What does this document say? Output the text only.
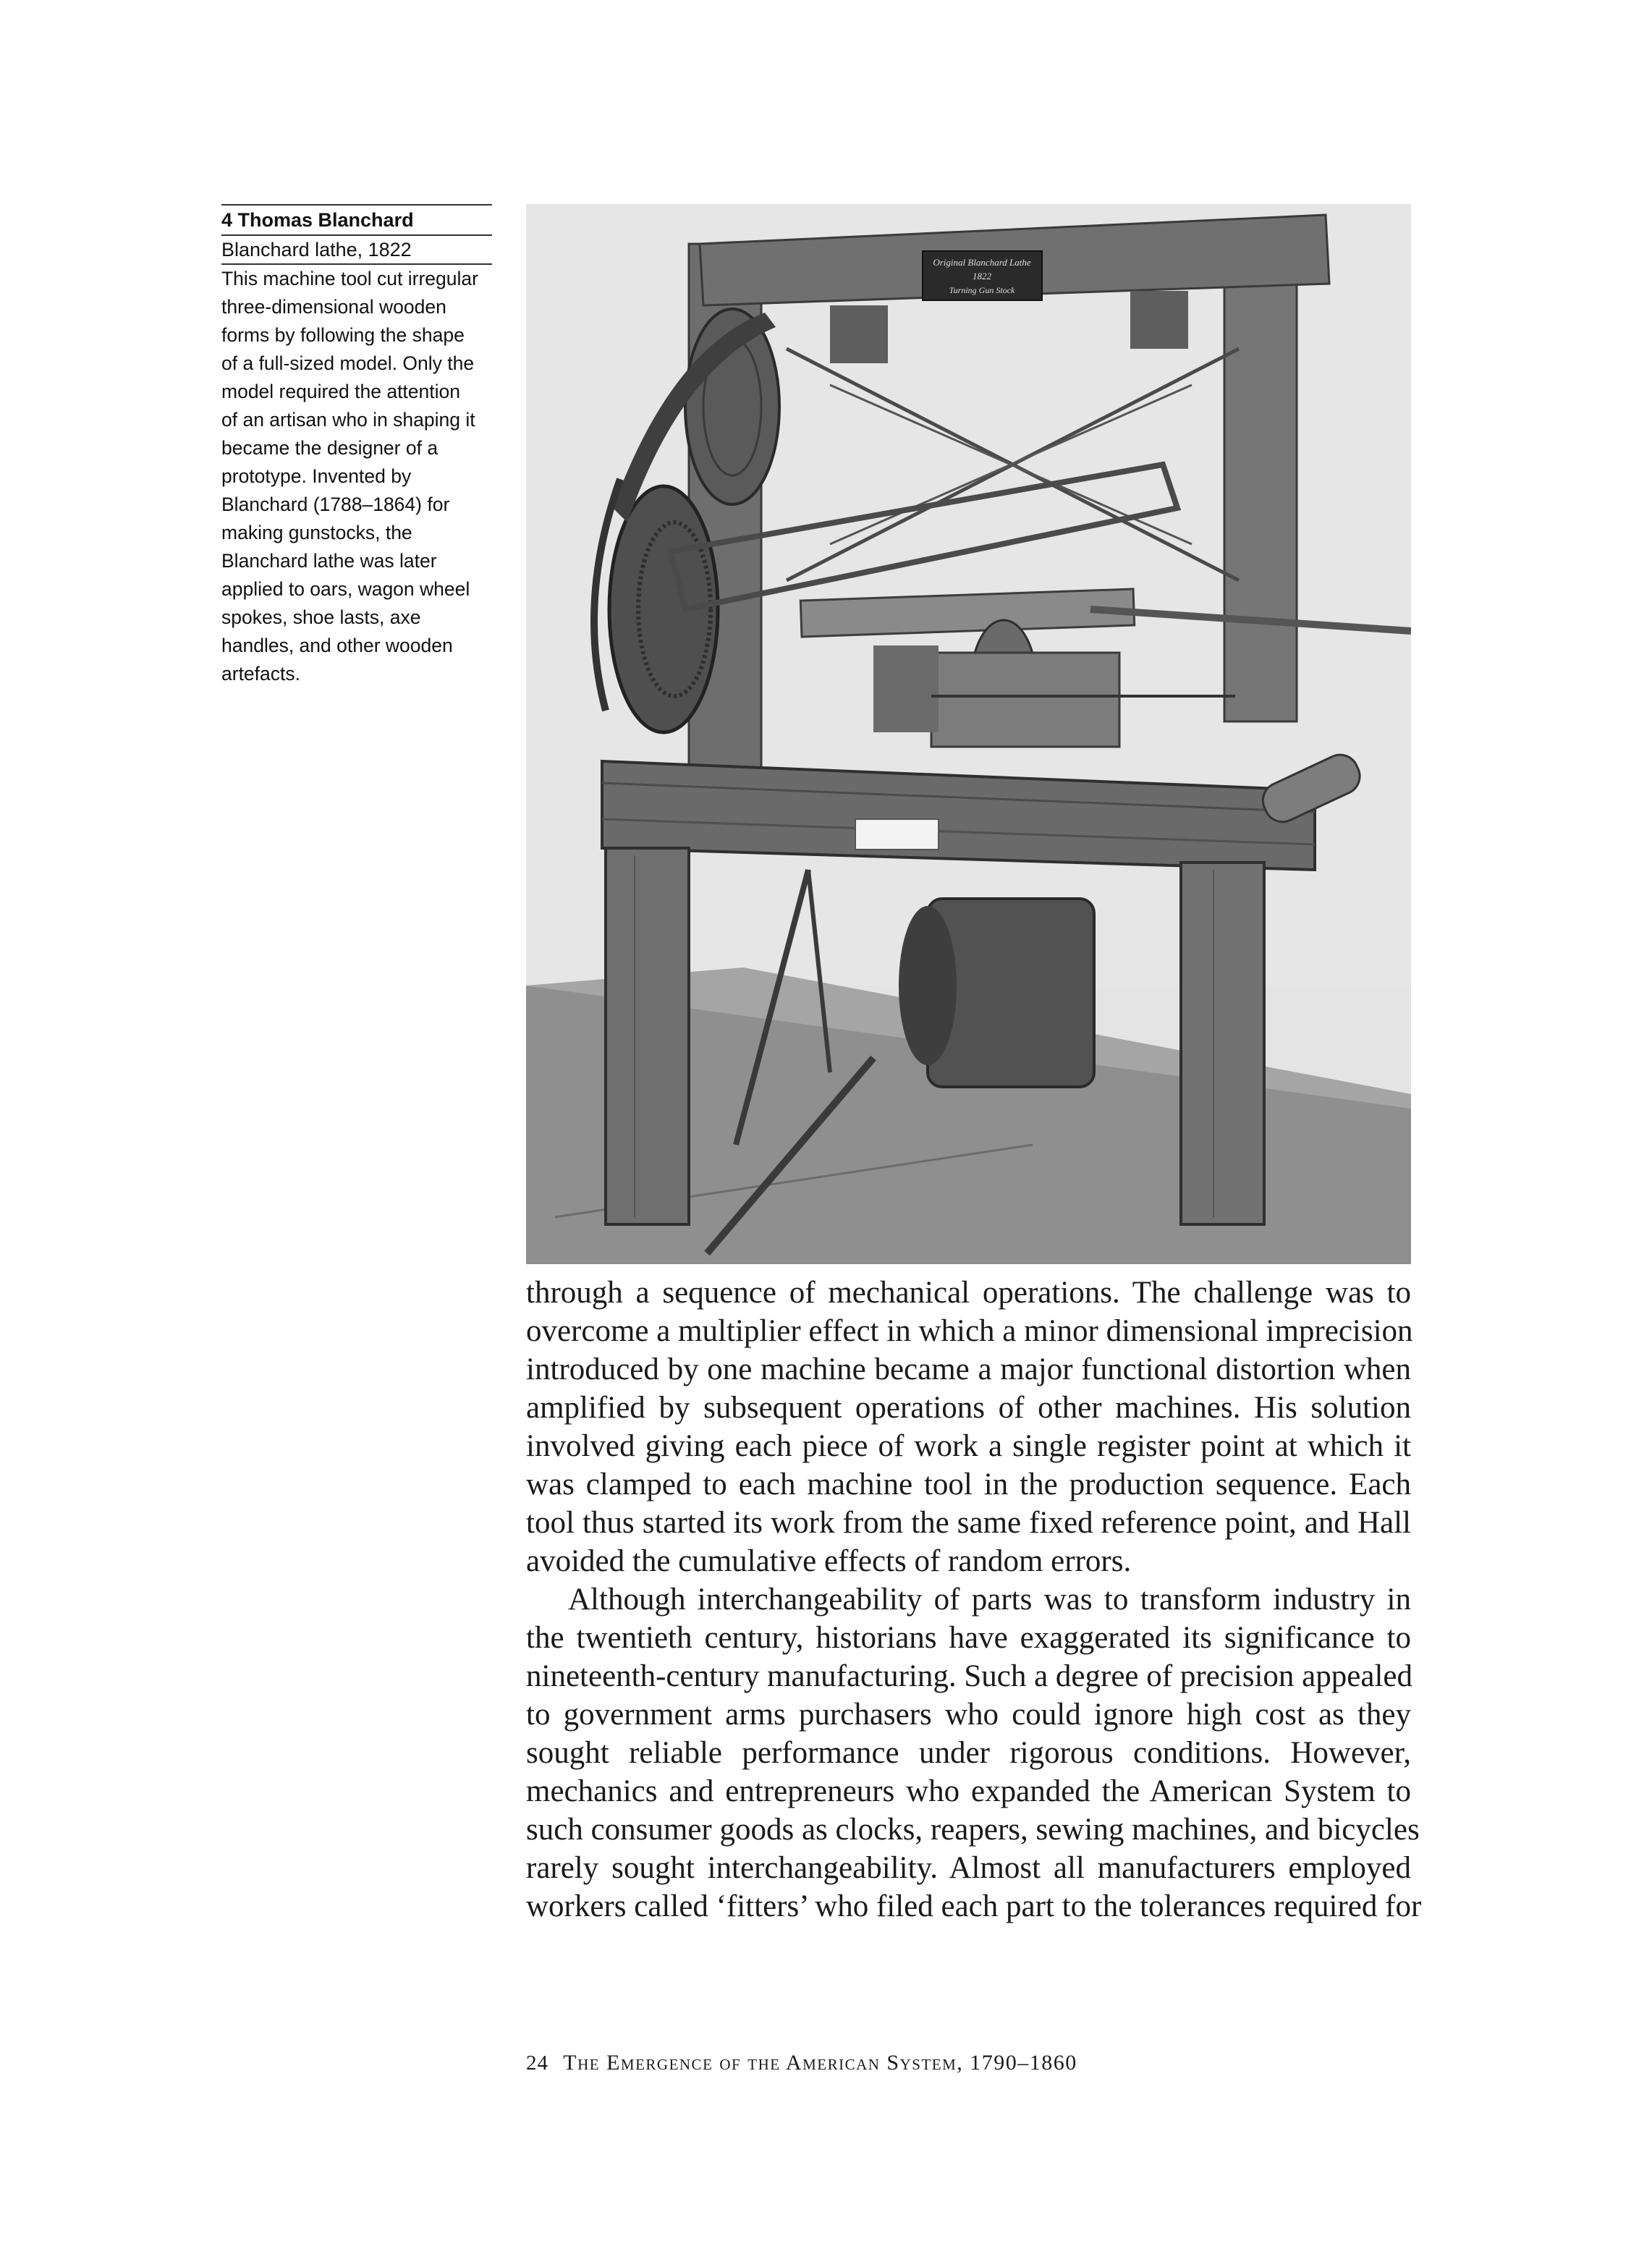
4 Thomas Blanchard
Blanchard lathe, 1822
This machine tool cut irregular
three-dimensional wooden
forms by following the shape
of a full-sized model. Only the
model required the attention
of an artisan who in shaping it
became the designer of a
prototype. Invented by
Blanchard (1788–1864) for
making gunstocks, the
Blanchard lathe was later
applied to oars, wagon wheel
spokes, shoe lasts, axe
handles, and other wooden
artefacts.
Original Blanchard Lathe
1822
Turning Gun Stock
through a sequence of mechanical operations. The challenge was to
overcome a multiplier effect in which a minor dimensional imprecision
introduced by one machine became a major functional distortion when
amplified by subsequent operations of other machines. His solution
involved giving each piece of work a single register point at which it
was clamped to each machine tool in the production sequence. Each
tool thus started its work from the same fixed reference point, and Hall
avoided the cumulative effects of random errors.
Although interchangeability of parts was to transform industry in
the twentieth century, historians have exaggerated its significance to
nineteenth-century manufacturing. Such a degree of precision appealed
to government arms purchasers who could ignore high cost as they
sought reliable performance under rigorous conditions. However,
mechanics and entrepreneurs who expanded the American System to
such consumer goods as clocks, reapers, sewing machines, and bicycles
rarely sought interchangeability. Almost all manufacturers employed
workers called ‘fitters’ who filed each part to the tolerances required for
24 The Emergence of the American System, 1790–1860
